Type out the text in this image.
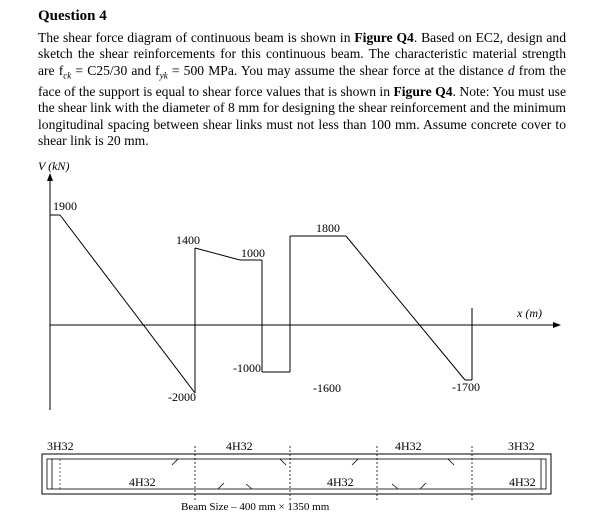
Question 4
The shear force diagram of continuous beam is shown in Figure Q4. Based on EC2, design and sketch the shear reinforcements for this continuous beam. The characteristic material strength are $f_{ck} = C25/30$ and $f_{yk} = 500$ MPa. You may assume the shear force at the distance d from the face of the support is equal to shear force values that is shown in Figure Q4. Note: You must use the shear link with the diameter of 8 mm for designing the shear reinforcement and the minimum longitudinal spacing between shear links must not less than 100 mm. Assume concrete cover to shear link is 20 mm.
V (kN)
x (m)
1900
1400
1000
-1000
-2000
1800
-1600	-1700
3H32	4H32	4H32	3H32
4H32	4H32	4H32
Beam Size – 400 mm × 1350 mm
